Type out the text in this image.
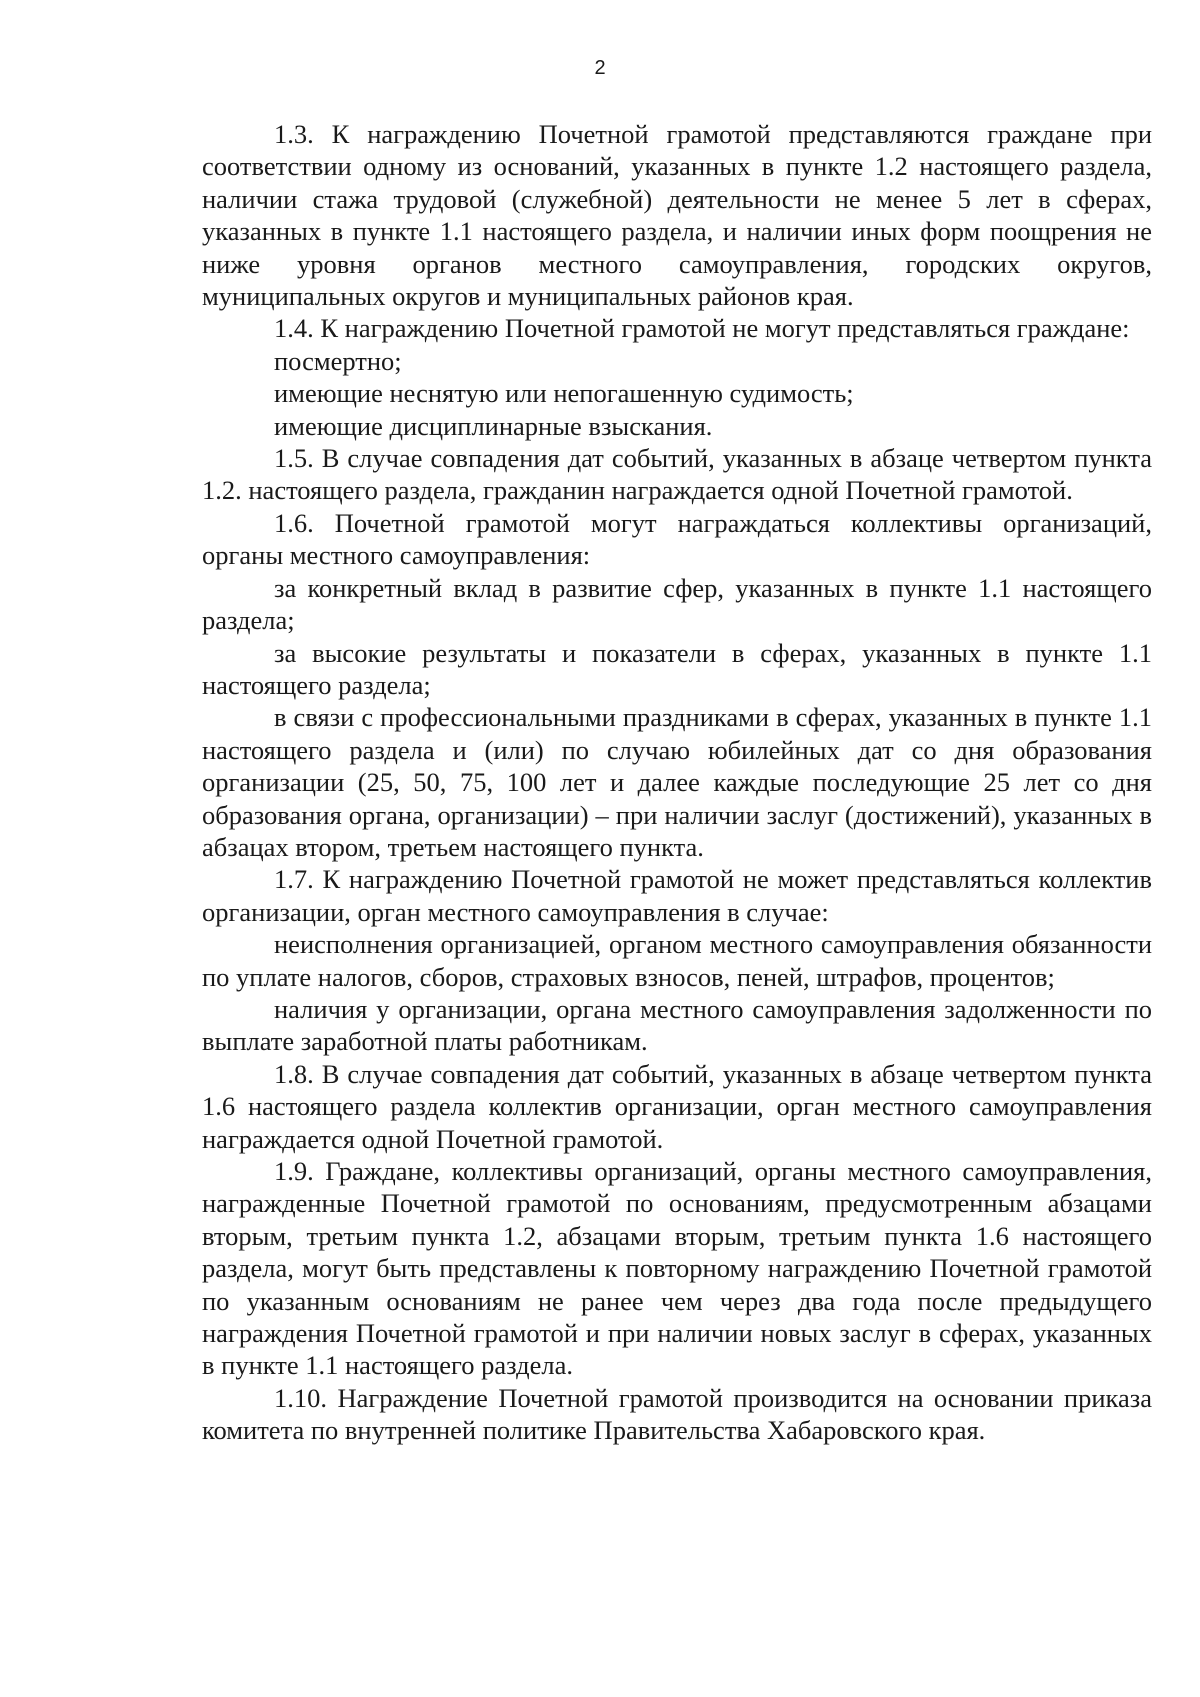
2

1.3. К награждению Почетной грамотой представляются граждане при соответствии одному из оснований, указанных в пункте 1.2 настоящего раздела, наличии стажа трудовой (служебной) деятельности не менее 5 лет в сферах, указанных в пункте 1.1 настоящего раздела, и наличии иных форм поощрения не ниже уровня органов местного самоуправления, городских округов, муниципальных округов и муниципальных районов края.

1.4. К награждению Почетной грамотой не могут представляться граждане:

посмертно;

имеющие неснятую или непогашенную судимость;

имеющие дисциплинарные взыскания.

1.5. В случае совпадения дат событий, указанных в абзаце четвертом пункта 1.2. настоящего раздела, гражданин награждается одной Почетной грамотой.

1.6. Почетной грамотой могут награждаться коллективы организаций, органы местного самоуправления:

за конкретный вклад в развитие сфер, указанных в пункте 1.1 настоящего раздела;

за высокие результаты и показатели в сферах, указанных в пункте 1.1 настоящего раздела;

в связи с профессиональными праздниками в сферах, указанных в пункте 1.1 настоящего раздела и (или) по случаю юбилейных дат со дня образования организации (25, 50, 75, 100 лет и далее каждые последующие 25 лет со дня образования органа, организации) – при наличии заслуг (достижений), указанных в абзацах втором, третьем настоящего пункта.

1.7. К награждению Почетной грамотой не может представляться коллектив организации, орган местного самоуправления в случае:

неисполнения организацией, органом местного самоуправления обязанности по уплате налогов, сборов, страховых взносов, пеней, штрафов, процентов;

наличия у организации, органа местного самоуправления задолженности по выплате заработной платы работникам.

1.8. В случае совпадения дат событий, указанных в абзаце четвертом пункта 1.6 настоящего раздела коллектив организации, орган местного самоуправления награждается одной Почетной грамотой.

1.9. Граждане, коллективы организаций, органы местного самоуправления, награжденные Почетной грамотой по основаниям, предусмотренным абзацами вторым, третьим пункта 1.2, абзацами вторым, третьим пункта 1.6 настоящего раздела, могут быть представлены к повторному награждению Почетной грамотой по указанным основаниям не ранее чем через два года после предыдущего награждения Почетной грамотой и при наличии новых заслуг в сферах, указанных в пункте 1.1 настоящего раздела.

1.10. Награждение Почетной грамотой производится на основании приказа комитета по внутренней политике Правительства Хабаровского края.
